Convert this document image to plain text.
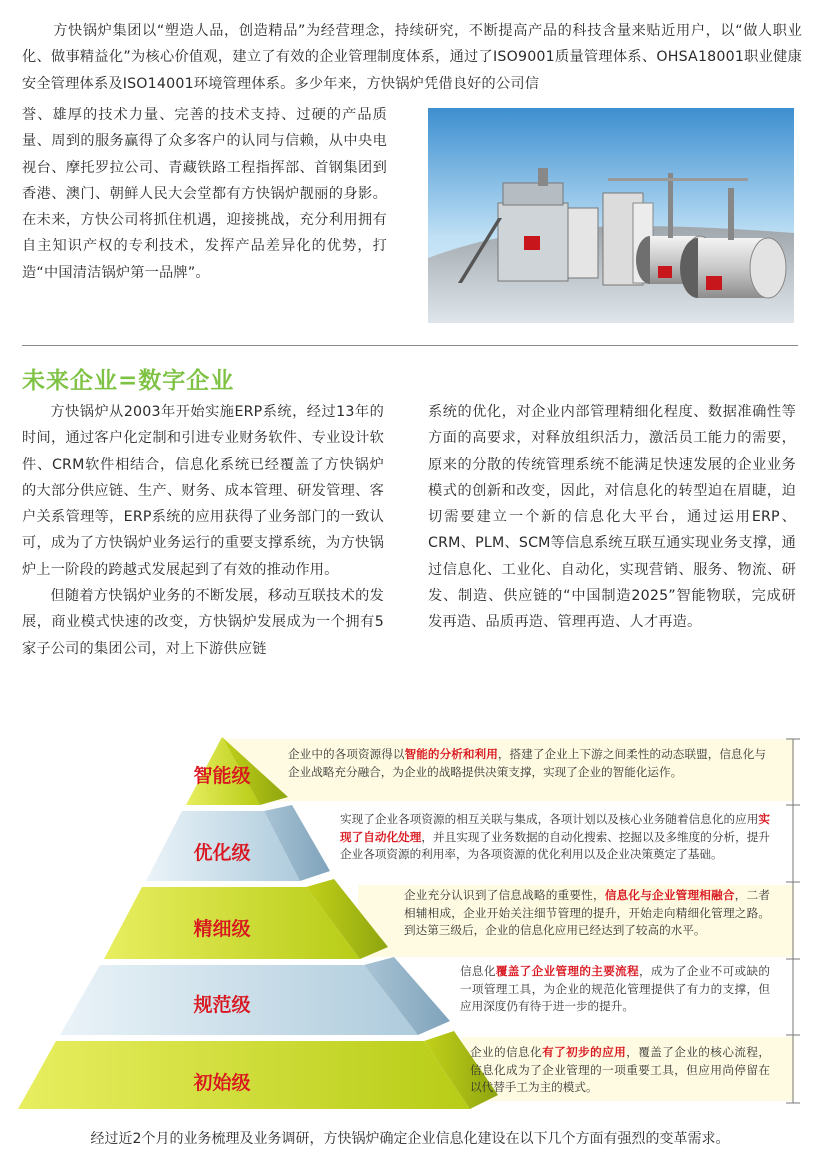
方快锅炉集团以“塑造人品，创造精品”为经营理念，持续研究，不断提高产品的科技含量来贴近用户，以“做人职业化、做事精益化”为核心价值观，建立了有效的企业管理制度体系，通过了ISO9001质量管理体系、OHSA18001职业健康安全管理体系及ISO14001环境管理体系。多少年来，方快锅炉凭借良好的公司信

誉、雄厚的技术力量、完善的技术支持、过硬的产品质量、周到的服务赢得了众多客户的认同与信赖，从中央电视台、摩托罗拉公司、青藏铁路工程指挥部、首钢集团到香港、澳门、朝鲜人民大会堂都有方快锅炉靓丽的身影。在未来，方快公司将抓住机遇，迎接挑战，充分利用拥有自主知识产权的专利技术，发挥产品差异化的优势，打造“中国清洁锅炉第一品牌”。

未来企业=数字企业
方快锅炉从2003年开始实施ERP系统，经过13年的时间，通过客户化定制和引进专业财务软件、专业设计软件、CRM软件相结合，信息化系统已经覆盖了方快锅炉的大部分供应链、生产、财务、成本管理、研发管理、客户关系管理等，ERP系统的应用获得了业务部门的一致认可，成为了方快锅炉业务运行的重要支撑系统，为方快锅炉上一阶段的跨越式发展起到了有效的推动作用。
但随着方快锅炉业务的不断发展，移动互联技术的发展，商业模式快速的改变，方快锅炉发展成为一个拥有5家子公司的集团公司，对上下游供应链
系统的优化，对企业内部管理精细化程度、数据准确性等方面的高要求，对释放组织活力，激活员工能力的需要，原来的分散的传统管理系统不能满足快速发展的企业业务模式的创新和改变，因此，对信息化的转型迫在眉睫，迫切需要建立一个新的信息化大平台，通过运用ERP、CRM、PLM、SCM等信息系统互联互通实现业务支撑，通过信息化、工业化、自动化，实现营销、服务、物流、研发、制造、供应链的“中国制造2025”智能物联，完成研发再造、品质再造、管理再造、人才再造。
智能级
优化级
精细级
规范级
初始级

企业中的各项资源得以智能的分析和利用，搭建了企业上下游之间柔性的动态联盟，信息化与企业战略充分融合，为企业的战略提供决策支撑，实现了企业的智能化运作。

实现了企业各项资源的相互关联与集成，各项计划以及核心业务随着信息化的应用实现了自动化处理，并且实现了业务数据的自动化搜索、挖掘以及多维度的分析，提升企业各项资源的利用率，为各项资源的优化利用以及企业决策奠定了基础。

企业充分认识到了信息战略的重要性，信息化与企业管理相融合，二者相辅相成，企业开始关注细节管理的提升，开始走向精细化管理之路。到达第三级后，企业的信息化应用已经达到了较高的水平。

信息化覆盖了企业管理的主要流程，成为了企业不可或缺的一项管理工具，为企业的规范化管理提供了有力的支撑，但应用深度仍有待于进一步的提升。

企业的信息化有了初步的应用，覆盖了企业的核心流程，信息化成为了企业管理的一项重要工具，但应用尚停留在以代替手工为主的模式。

经过近2个月的业务梳理及业务调研，方快锅炉确定企业信息化建设在以下几个方面有强烈的变革需求。
